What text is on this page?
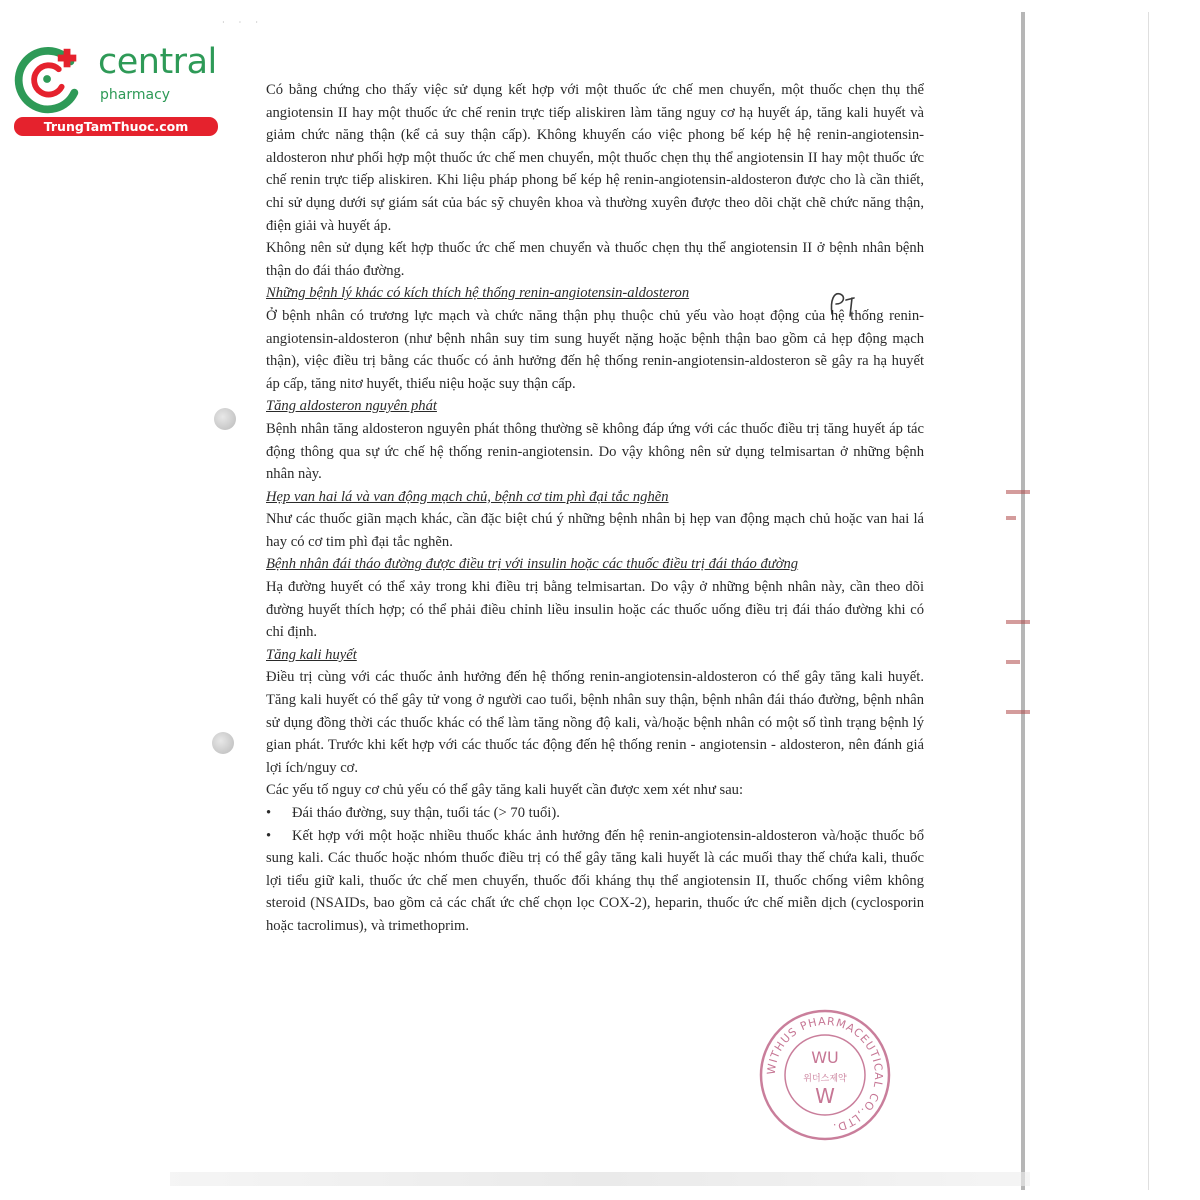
central
pharmacy
TrungTamThuoc.com
· · ·

Có bằng chứng cho thấy việc sử dụng kết hợp với một thuốc ức chế men chuyển, một thuốc chẹn thụ thể angiotensin II hay một thuốc ức chế renin trực tiếp aliskiren làm tăng nguy cơ hạ huyết áp, tăng kali huyết và giảm chức năng thận (kể cả suy thận cấp). Không khuyến cáo việc phong bế kép hệ hệ renin-angiotensin-aldosteron như phối hợp một thuốc ức chế men chuyển, một thuốc chẹn thụ thể angiotensin II hay một thuốc ức chế renin trực tiếp aliskiren. Khi liệu pháp phong bế kép hệ renin-angiotensin-aldosteron được cho là cần thiết, chỉ sử dụng dưới sự giám sát của bác sỹ chuyên khoa và thường xuyên được theo dõi chặt chẽ chức năng thận, điện giải và huyết áp.

Không nên sử dụng kết hợp thuốc ức chế men chuyển và thuốc chẹn thụ thể angiotensin II ở bệnh nhân bệnh thận do đái tháo đường.

Những bệnh lý khác có kích thích hệ thống renin-angiotensin-aldosteron

Ở bệnh nhân có trương lực mạch và chức năng thận phụ thuộc chủ yếu vào hoạt động của hệ thống renin-angiotensin-aldosteron (như bệnh nhân suy tim sung huyết nặng hoặc bệnh thận bao gồm cả hẹp động mạch thận), việc điều trị bằng các thuốc có ảnh hưởng đến hệ thống renin-angiotensin-aldosteron sẽ gây ra hạ huyết áp cấp, tăng nitơ huyết, thiểu niệu hoặc suy thận cấp.

Tăng aldosteron nguyên phát

Bệnh nhân tăng aldosteron nguyên phát thông thường sẽ không đáp ứng với các thuốc điều trị tăng huyết áp tác động thông qua sự ức chế hệ thống renin-angiotensin. Do vậy không nên sử dụng telmisartan ở những bệnh nhân này.

Hẹp van hai lá và van động mạch chủ, bệnh cơ tim phì đại tắc nghẽn

Như các thuốc giãn mạch khác, cần đặc biệt chú ý những bệnh nhân bị hẹp van động mạch chủ hoặc van hai lá hay có cơ tim phì đại tắc nghẽn.

Bệnh nhân đái tháo đường được điều trị với insulin hoặc các thuốc điều trị đái tháo đường

Hạ đường huyết có thể xảy trong khi điều trị bằng telmisartan. Do vậy ở những bệnh nhân này, cần theo dõi đường huyết thích hợp; có thể phải điều chỉnh liều insulin hoặc các thuốc uống điều trị đái tháo đường khi có chỉ định.

Tăng kali huyết

Điều trị cùng với các thuốc ảnh hưởng đến hệ thống renin-angiotensin-aldosteron có thể gây tăng kali huyết. Tăng kali huyết có thể gây tử vong ở người cao tuổi, bệnh nhân suy thận, bệnh nhân đái tháo đường, bệnh nhân sử dụng đồng thời các thuốc khác có thể làm tăng nồng độ kali, và/hoặc bệnh nhân có một số tình trạng bệnh lý gian phát. Trước khi kết hợp với các thuốc tác động đến hệ thống renin - angiotensin - aldosteron, nên đánh giá lợi ích/nguy cơ.

Các yếu tố nguy cơ chủ yếu có thể gây tăng kali huyết cần được xem xét như sau:

• Đái tháo đường, suy thận, tuổi tác (> 70 tuổi).

• Kết hợp với một hoặc nhiều thuốc khác ảnh hưởng đến hệ renin-angiotensin-aldosteron và/hoặc thuốc bổ sung kali. Các thuốc hoặc nhóm thuốc điều trị có thể gây tăng kali huyết là các muối thay thế chứa kali, thuốc lợi tiểu giữ kali, thuốc ức chế men chuyển, thuốc đối kháng thụ thể angiotensin II, thuốc chống viêm không steroid (NSAIDs, bao gồm cả các chất ức chế chọn lọc COX-2), heparin, thuốc ức chế miễn dịch (cyclosporin hoặc tacrolimus), và trimethoprim.

WITHUS PHARMACEUTICAL CO.,LTD.
WU
위더스제약
W
